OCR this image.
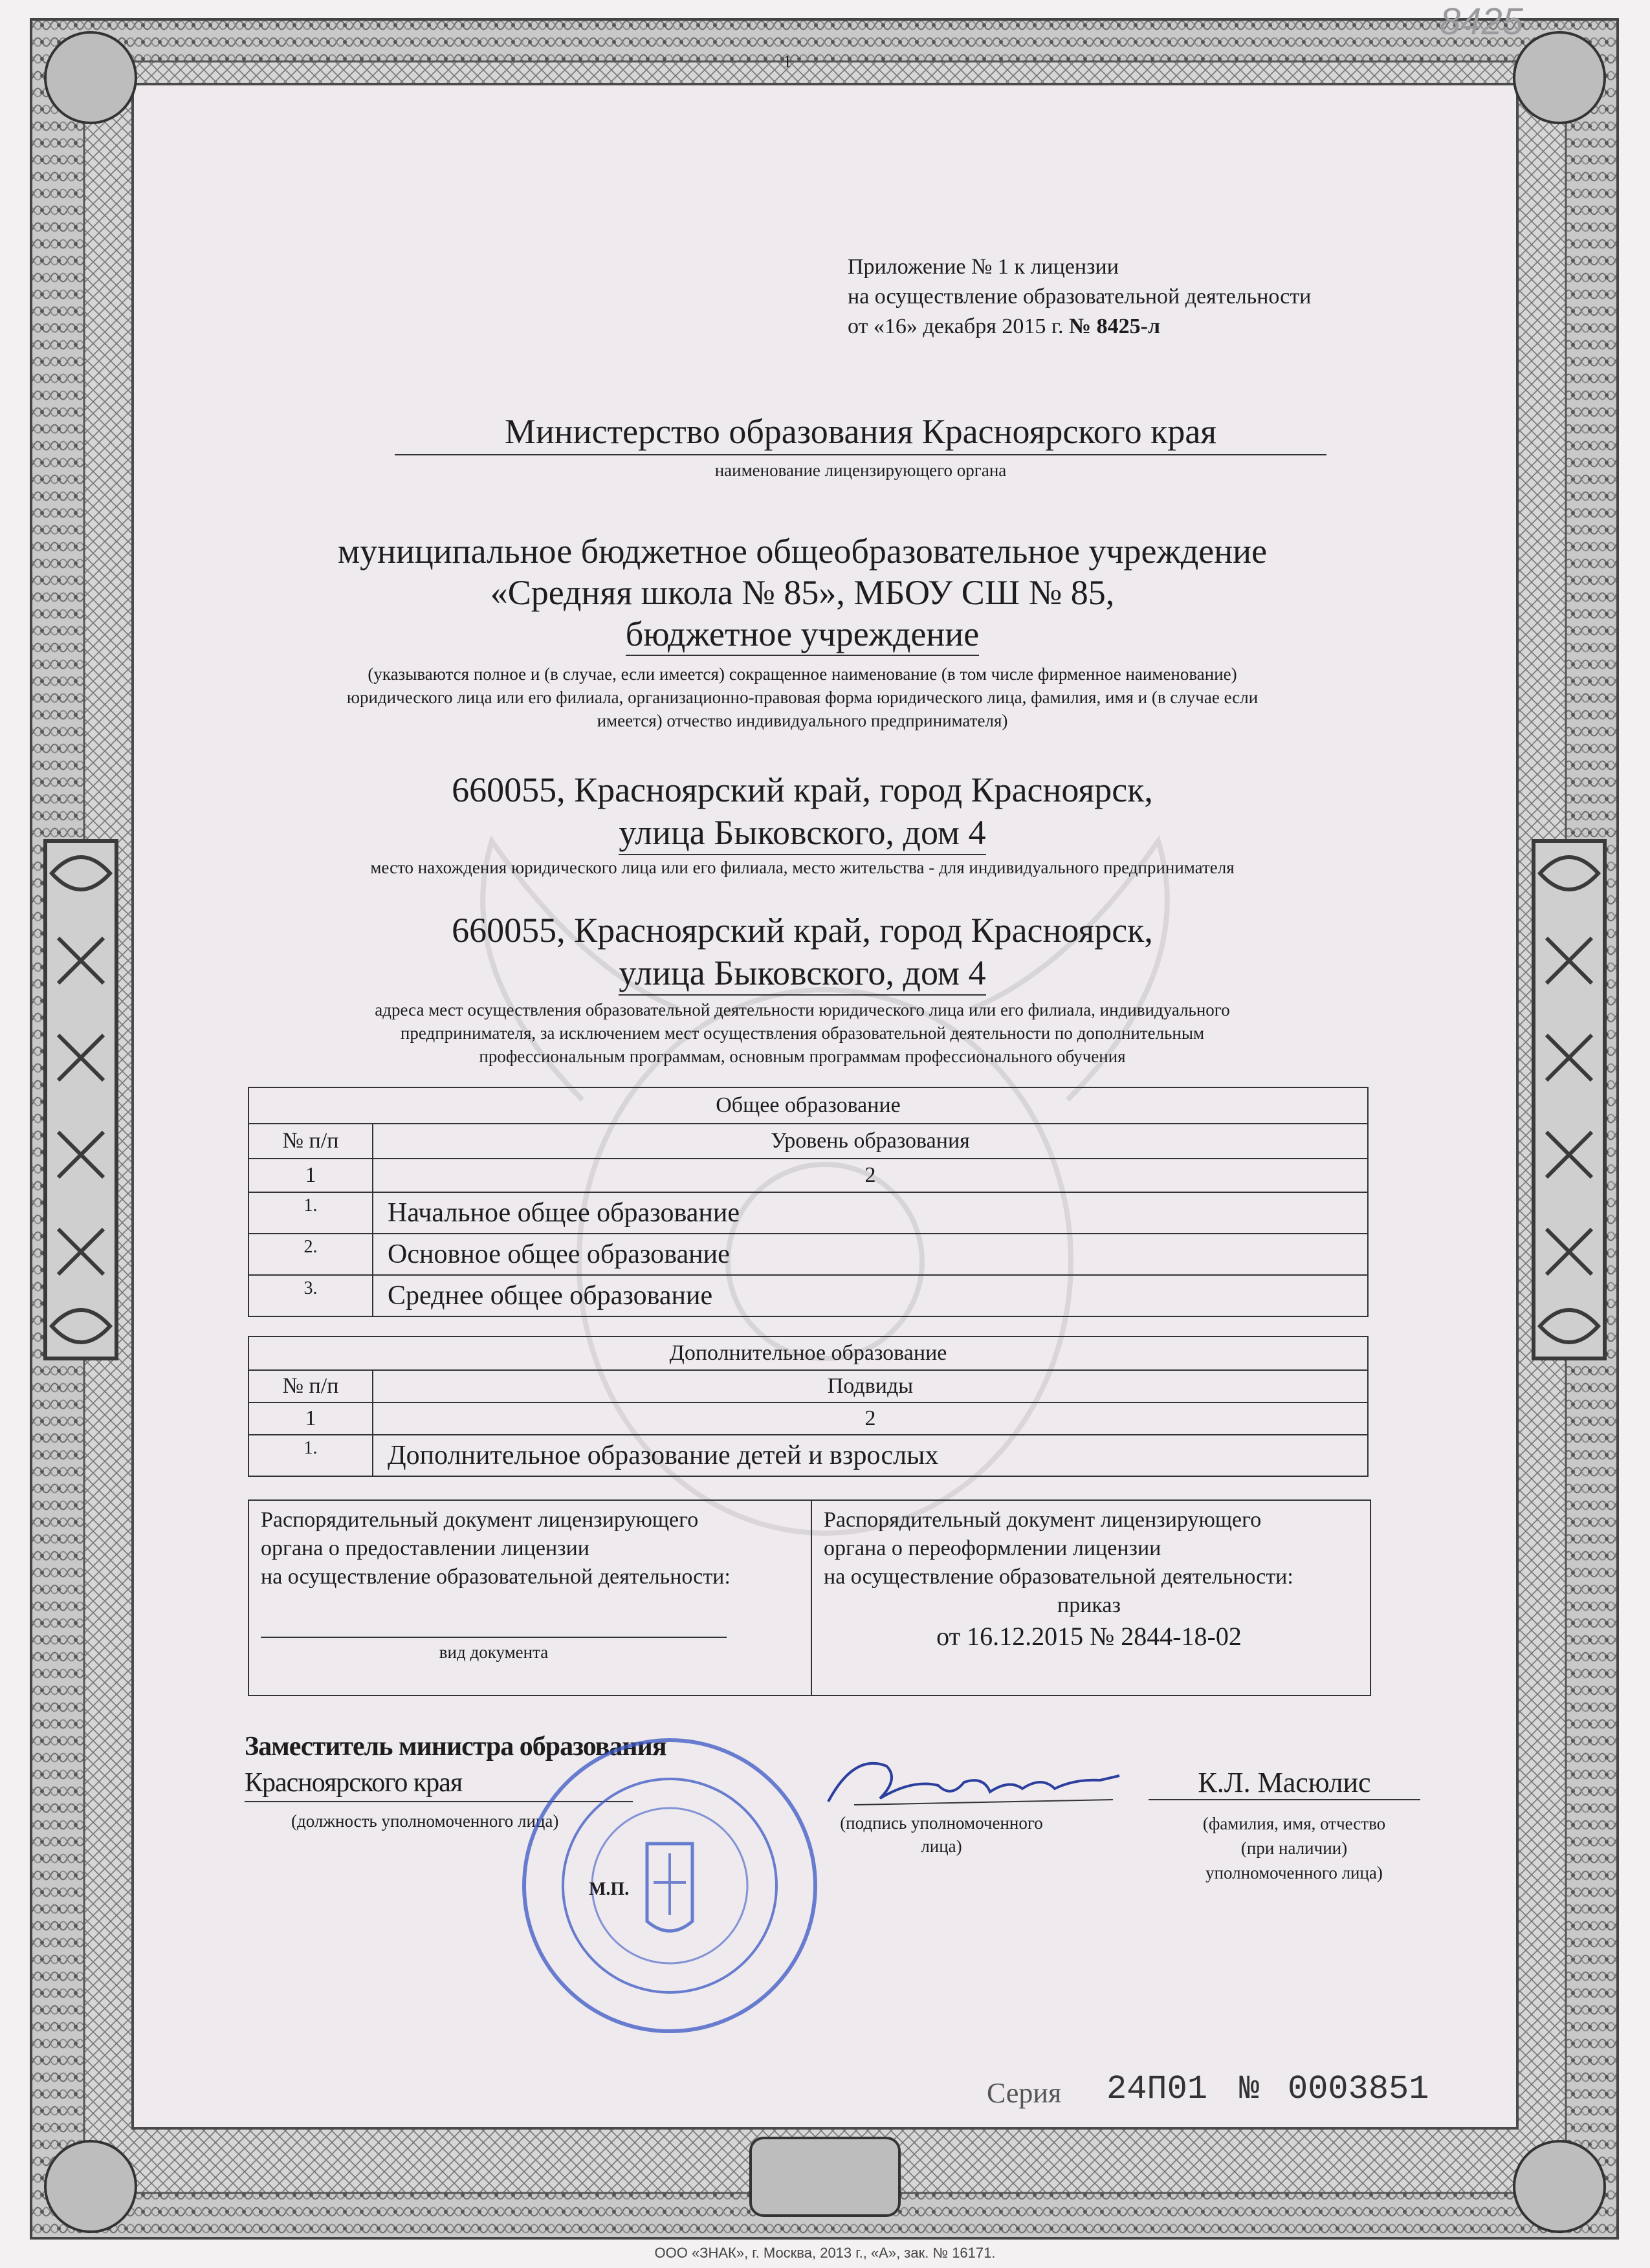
8425
1
Приложение № 1 к лицензии
на осуществление образовательной деятельности
от «16» декабря 2015 г. № 8425-л
Министерство образования Красноярского края
наименование лицензирующего органа
муниципальное бюджетное общеобразовательное учреждение
«Средняя школа № 85», МБОУ СШ № 85,
бюджетное учреждение
(указываются полное и (в случае, если имеется) сокращенное наименование (в том числе фирменное наименование)
юридического лица или его филиала, организационно-правовая форма юридического лица, фамилия, имя и (в случае если
имеется) отчество индивидуального предпринимателя)
660055, Красноярский край, город Красноярск,
улица Быковского, дом 4
место нахождения юридического лица или его филиала, место жительства - для индивидуального предпринимателя
660055, Красноярский край, город Красноярск,
улица Быковского, дом 4
адреса мест осуществления образовательной деятельности юридического лица или его филиала, индивидуального
предпринимателя, за исключением мест осуществления образовательной деятельности по дополнительным
профессиональным программам, основным программам профессионального обучения
Общее образование	
№ п/п	Уровень образования
1	2
1.	Начальное общее образование
2.	Основное общее образование
3.	Среднее общее образование
Дополнительное образование	
№ п/п	Подвиды
1	2
1.	Дополнительное образование детей и взрослых
Распорядительный документ лицензирующего
органа о предоставлении лицензии
на осуществление образовательной деятельности:
вид документа
Распорядительный документ лицензирующего
органа о переоформлении лицензии
на осуществление образовательной деятельности:
приказ
от 16.12.2015 № 2844-18-02
Заместитель министра образования
Красноярского края
(должность уполномоченного лица)	(подпись уполномоченного
лица)
К.Л. Масюлис
(фамилия, имя, отчество
(при наличии)
уполномоченного лица)
М.П.
Серия 24П01 № 0003851
ООО «ЗНАК», г. Москва, 2013 г., «А», зак. № 16171.
